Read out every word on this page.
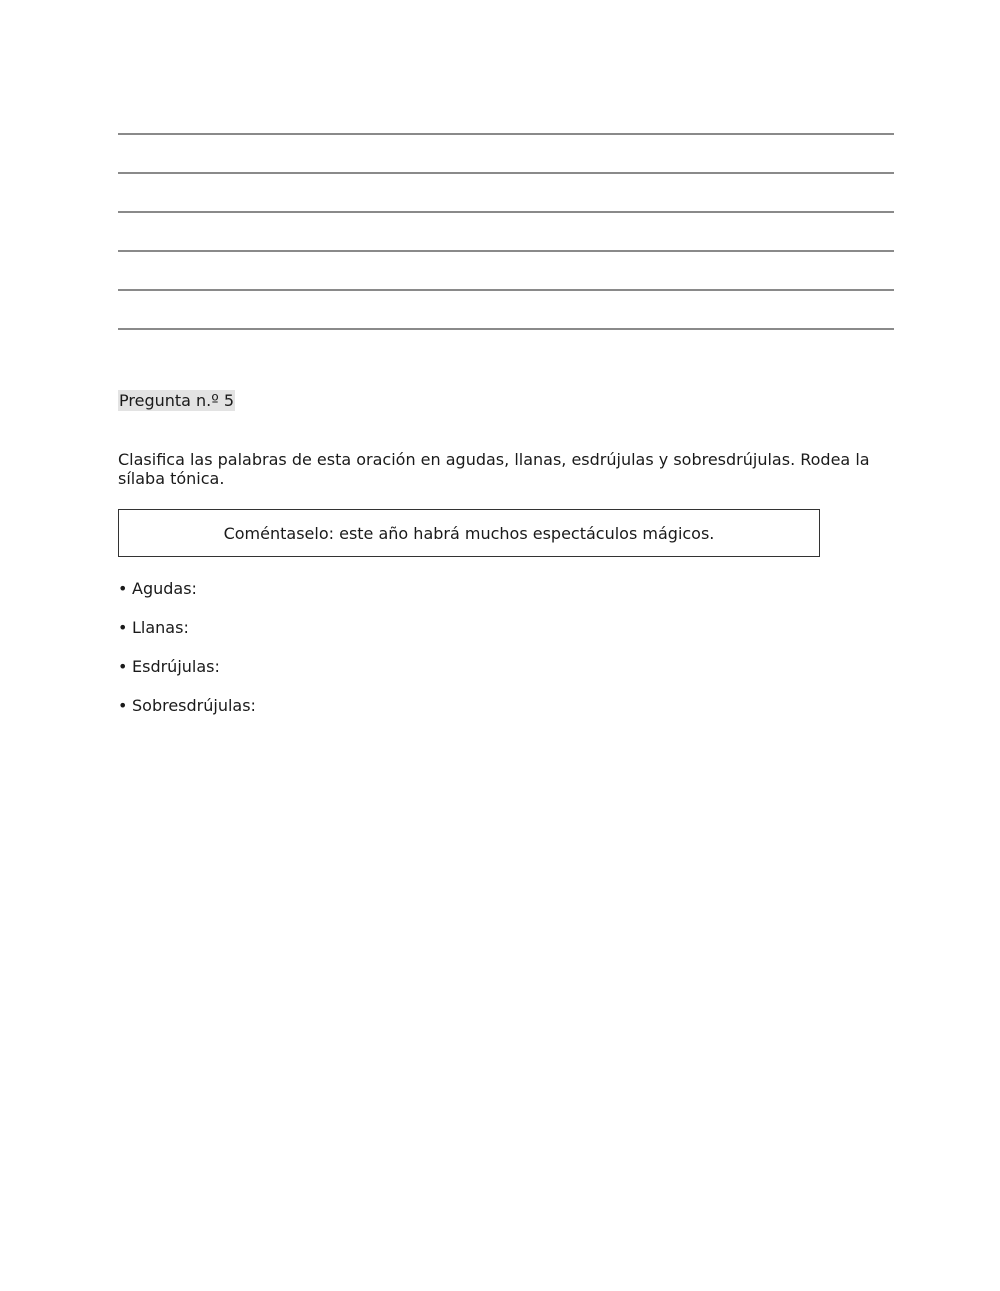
Pregunta n.º 5

Clasifica las palabras de esta oración en agudas, llanas, esdrújulas y sobresdrújulas. Rodea la sílaba tónica.

Coméntaselo: este año habrá muchos espectáculos mágicos.
• Agudas:
• Llanas:
• Esdrújulas:
• Sobresdrújulas:
